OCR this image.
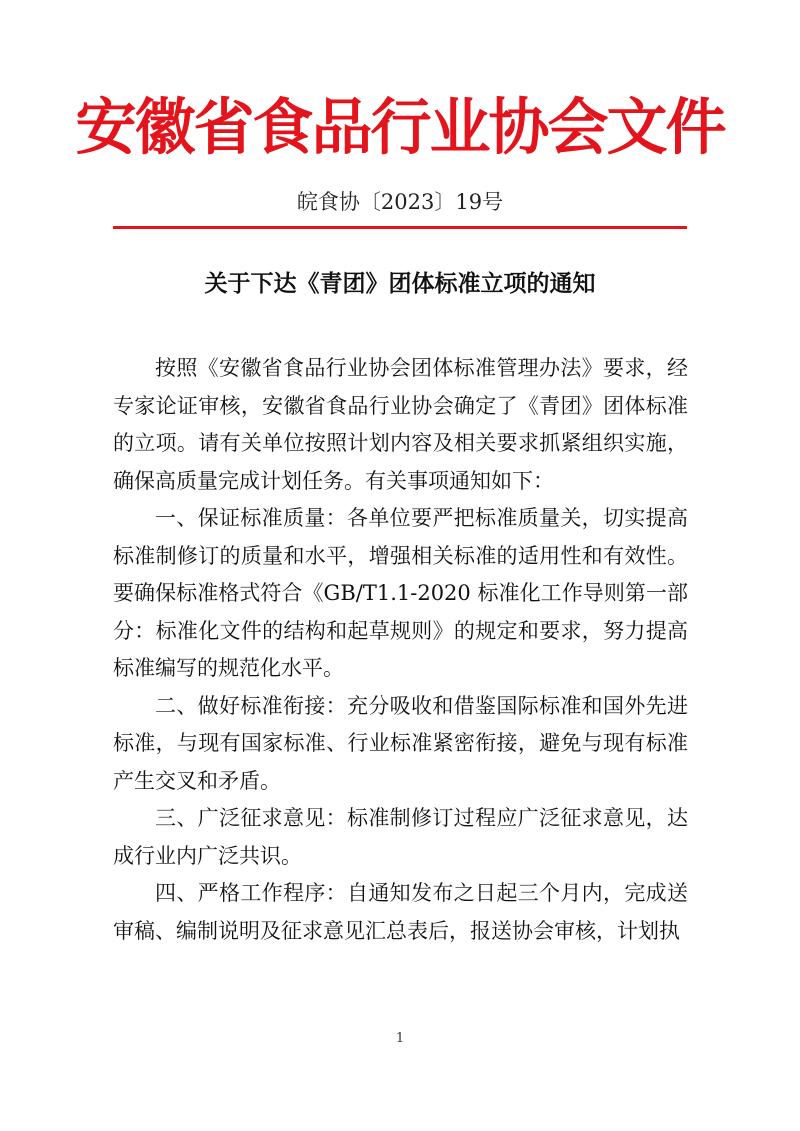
安徽省食品行业协会文件
皖食协〔2023〕19号
关于下达《青团》团体标准立项的通知

按照《安徽省食品行业协会团体标准管理办法》要求，经专家论证审核，安徽省食品行业协会确定了《青团》团体标准的立项。请有关单位按照计划内容及相关要求抓紧组织实施，确保高质量完成计划任务。有关事项通知如下：

一、保证标准质量：各单位要严把标准质量关，切实提高标准制修订的质量和水平，增强相关标准的适用性和有效性。要确保标准格式符合《GB/T1.1-2020 标准化工作导则第一部分：标准化文件的结构和起草规则》的规定和要求，努力提高标准编写的规范化水平。

二、做好标准衔接：充分吸收和借鉴国际标准和国外先进标准，与现有国家标准、行业标准紧密衔接，避免与现有标准产生交叉和矛盾。

三、广泛征求意见：标准制修订过程应广泛征求意见，达成行业内广泛共识。

四、严格工作程序：自通知发布之日起三个月内，完成送审稿、编制说明及征求意见汇总表后，报送协会审核，计划执

1
